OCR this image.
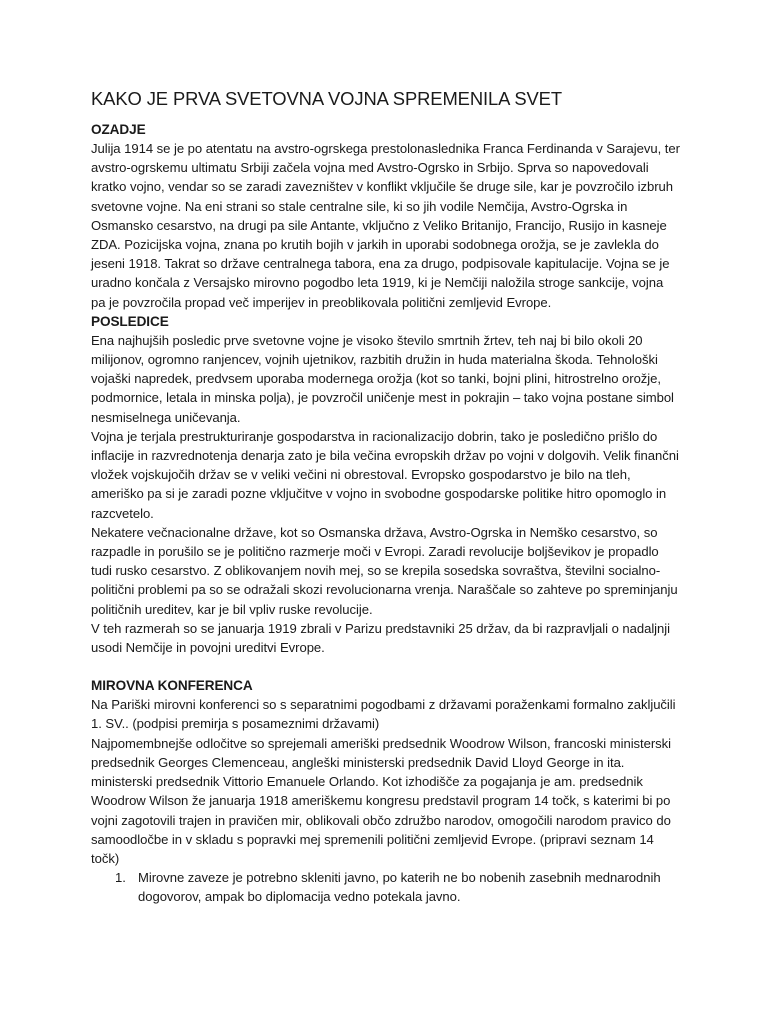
KAKO JE PRVA SVETOVNA VOJNA SPREMENILA SVET
OZADJE

Julija 1914 se je po atentatu na avstro-ogrskega prestolonaslednika Franca Ferdinanda v Sarajevu, ter avstro-ogrskemu ultimatu Srbiji začela vojna med Avstro-Ogrsko in Srbijo. Sprva so napovedovali kratko vojno, vendar so se zaradi zavezništev v konflikt vključile še druge sile, kar je povzročilo izbruh svetovne vojne. Na eni strani so stale centralne sile, ki so jih vodile Nemčija, Avstro-Ogrska in Osmansko cesarstvo, na drugi pa sile Antante, vključno z Veliko Britanijo, Francijo, Rusijo in kasneje ZDA. Pozicijska vojna, znana po krutih bojih v jarkih in uporabi sodobnega orožja, se je zavlekla do jeseni 1918. Takrat so države centralnega tabora, ena za drugo, podpisovale kapitulacije. Vojna se je uradno končala z Versajsko mirovno pogodbo leta 1919, ki je Nemčiji naložila stroge sankcije, vojna pa je povzročila propad več imperijev in preoblikovala politični zemljevid Evrope.

POSLEDICE

Ena najhujših posledic prve svetovne vojne je visoko število smrtnih žrtev, teh naj bi bilo okoli 20 milijonov, ogromno ranjencev, vojnih ujetnikov, razbitih družin in huda materialna škoda. Tehnološki vojaški napredek, predvsem uporaba modernega orožja (kot so tanki, bojni plini, hitrostrelno orožje, podmornice, letala in minska polja), je povzročil uničenje mest in pokrajin – tako vojna postane simbol nesmiselnega uničevanja.

Vojna je terjala prestrukturiranje gospodarstva in racionalizacijo dobrin, tako je posledično prišlo do inflacije in razvrednotenja denarja zato je bila večina evropskih držav po vojni v dolgovih. Velik finančni vložek vojskujočih držav se v veliki večini ni obrestoval. Evropsko gospodarstvo je bilo na tleh, ameriško pa si je zaradi pozne vključitve v vojno in svobodne gospodarske politike hitro opomoglo in razcvetelo.

Nekatere večnacionalne države, kot so Osmanska država, Avstro-Ogrska in Nemško cesarstvo, so razpadle in porušilo se je politično razmerje moči v Evropi. Zaradi revolucije boljševikov je propadlo tudi rusko cesarstvo. Z oblikovanjem novih mej, so se krepila sosedska sovraštva, številni socialno-politični problemi pa so se odražali skozi revolucionarna vrenja. Naraščale so zahteve po spreminjanju političnih ureditev, kar je bil vpliv ruske revolucije.

V teh razmerah so se januarja 1919 zbrali v Parizu predstavniki 25 držav, da bi razpravljali o nadaljnji usodi Nemčije in povojni ureditvi Evrope.

MIROVNA KONFERENCA

Na Pariški mirovni konferenci so s separatnimi pogodbami z državami poraženkami formalno zaključili 1. SV.. (podpisi premirja s posameznimi državami)

Najpomembnejše odločitve so sprejemali ameriški predsednik Woodrow Wilson, francoski ministerski predsednik Georges Clemenceau, angleški ministerski predsednik David Lloyd George in ita. ministerski predsednik Vittorio Emanuele Orlando. Kot izhodišče za pogajanja je am. predsednik Woodrow Wilson že januarja 1918 ameriškemu kongresu predstavil program 14 točk, s katerimi bi po vojni zagotovili trajen in pravičen mir, oblikovali občo združbo narodov, omogočili narodom pravico do samoodločbe in v skladu s popravki mej spremenili politični zemljevid Evrope. (pripravi seznam 14 točk)

1. Mirovne zaveze je potrebno skleniti javno, po katerih ne bo nobenih zasebnih mednarodnih dogovorov, ampak bo diplomacija vedno potekala javno.
